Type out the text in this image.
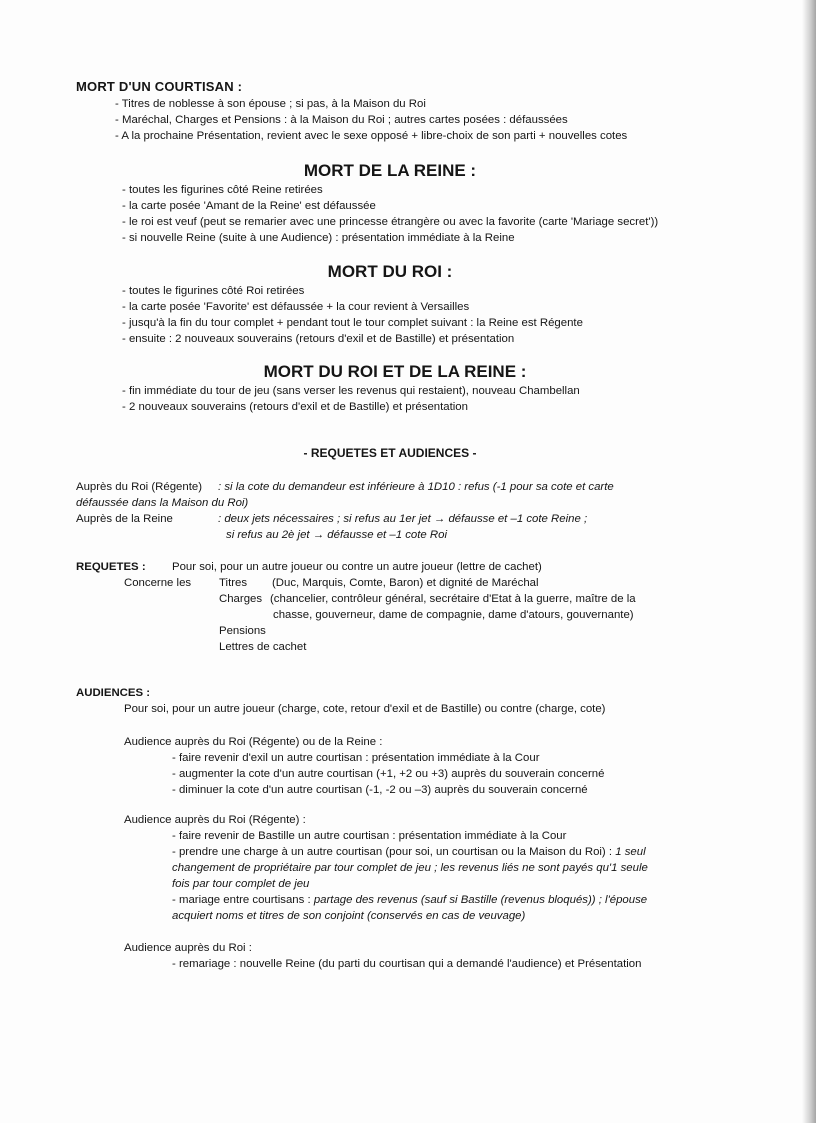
MORT D'UN COURTISAN :
- Titres de noblesse à son épouse ; si pas, à la Maison du Roi
- Maréchal, Charges et Pensions : à la Maison du Roi ; autres cartes posées : défaussées
- A la prochaine Présentation, revient avec le sexe opposé + libre-choix de son parti + nouvelles cotes
MORT DE LA REINE :
- toutes les figurines côté Reine retirées
- la carte posée 'Amant de la Reine' est défaussée
- le roi est veuf (peut se remarier avec une princesse étrangère ou avec la favorite (carte 'Mariage secret'))
- si nouvelle Reine (suite à une Audience) : présentation immédiate à la Reine
MORT DU ROI :
- toutes le figurines côté Roi retirées
- la carte posée 'Favorite' est défaussée + la cour revient à Versailles
- jusqu'à la fin du tour complet + pendant tout le tour complet suivant : la Reine est Régente
- ensuite : 2 nouveaux souverains (retours d'exil et de Bastille) et présentation
MORT DU ROI ET DE LA REINE :
- fin immédiate du tour de jeu (sans verser les revenus qui restaient), nouveau Chambellan
- 2 nouveaux souverains (retours d'exil et de Bastille) et présentation
- REQUETES ET AUDIENCES -
Auprès du Roi (Régente) : si la cote du demandeur est inférieure à 1D10 : refus (-1 pour sa cote et carte
défaussée dans la Maison du Roi)
Auprès de la Reine	: deux jets nécessaires ; si refus au 1er jet → défausse et –1 cote Reine ;
si refus au 2è jet → défausse et –1 cote Roi
REQUETES : Pour soi, pour un autre joueur ou contre un autre joueur (lettre de cachet)
Concerne les Titres (Duc, Marquis, Comte, Baron) et dignité de Maréchal
Charges (chancelier, contrôleur général, secrétaire d'Etat à la guerre, maître de la
chasse, gouverneur, dame de compagnie, dame d'atours, gouvernante)
Pensions
Lettres de cachet
AUDIENCES :
Pour soi, pour un autre joueur (charge, cote, retour d'exil et de Bastille) ou contre (charge, cote)
Audience auprès du Roi (Régente) ou de la Reine :
- faire revenir d'exil un autre courtisan : présentation immédiate à la Cour
- augmenter la cote d'un autre courtisan (+1, +2 ou +3) auprès du souverain concerné
- diminuer la cote d'un autre courtisan (-1, -2 ou –3) auprès du souverain concerné
Audience auprès du Roi (Régente) :
- faire revenir de Bastille un autre courtisan : présentation immédiate à la Cour
- prendre une charge à un autre courtisan (pour soi, un courtisan ou la Maison du Roi) : 1 seul
changement de propriétaire par tour complet de jeu ; les revenus liés ne sont payés qu'1 seule
fois par tour complet de jeu
- mariage entre courtisans : partage des revenus (sauf si Bastille (revenus bloqués)) ; l'épouse
acquiert noms et titres de son conjoint (conservés en cas de veuvage)
Audience auprès du Roi :
- remariage : nouvelle Reine (du parti du courtisan qui a demandé l'audience) et Présentation
